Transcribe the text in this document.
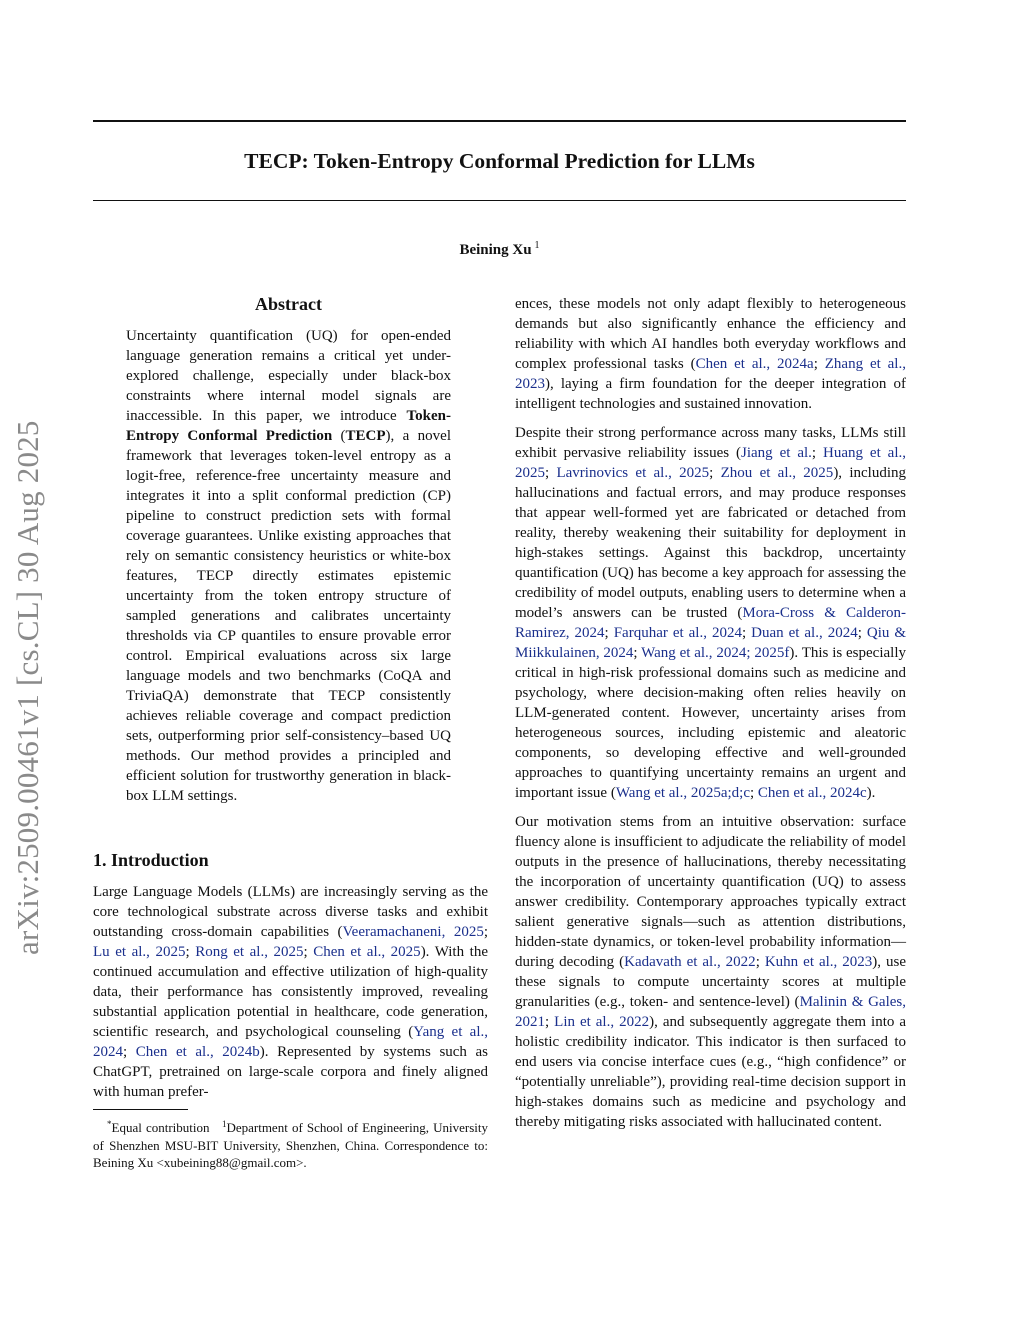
TECP: Token-Entropy Conformal Prediction for LLMs
Beining Xu $^1$
arXiv:2509.00461v1 [cs.CL] 30 Aug 2025
Abstract

Uncertainty quantification (UQ) for open-ended language generation remains a critical yet under-explored challenge, especially under black-box constraints where internal model signals are inaccessible. In this paper, we introduce Token-Entropy Conformal Prediction (TECP), a novel framework that leverages token-level entropy as a logit-free, reference-free uncertainty measure and integrates it into a split conformal prediction (CP) pipeline to construct prediction sets with formal coverage guarantees. Unlike existing approaches that rely on semantic consistency heuristics or white-box features, TECP directly estimates epistemic uncertainty from the token entropy structure of sampled generations and calibrates uncertainty thresholds via CP quantiles to ensure provable error control. Empirical evaluations across six large language models and two benchmarks (CoQA and TriviaQA) demonstrate that TECP consistently achieves reliable coverage and compact prediction sets, outperforming prior self-consistency–based UQ methods. Our method provides a principled and efficient solution for trustworthy generation in black-box LLM settings.

1. Introduction

Large Language Models (LLMs) are increasingly serving as the core technological substrate across diverse tasks and exhibit outstanding cross-domain capabilities (Veeramachaneni, 2025; Lu et al., 2025; Rong et al., 2025; Chen et al., 2025). With the continued accumulation and effective utilization of high-quality data, their performance has consistently improved, revealing substantial application potential in healthcare, code generation, scientific research, and psychological counseling (Yang et al., 2024; Chen et al., 2024b). Represented by systems such as ChatGPT, pretrained on large-scale corpora and finely aligned with human prefer-

*Equal contribution $^1$Department of School of Engineering, University of Shenzhen MSU-BIT University, Shenzhen, China. Correspondence to: Beining Xu <xubeining88@gmail.com>.

ences, these models not only adapt flexibly to heterogeneous demands but also significantly enhance the efficiency and reliability with which AI handles both everyday workflows and complex professional tasks (Chen et al., 2024a; Zhang et al., 2023), laying a firm foundation for the deeper integration of intelligent technologies and sustained innovation.

Despite their strong performance across many tasks, LLMs still exhibit pervasive reliability issues (Jiang et al.; Huang et al., 2025; Lavrinovics et al., 2025; Zhou et al., 2025), including hallucinations and factual errors, and may produce responses that appear well-formed yet are fabricated or detached from reality, thereby weakening their suitability for deployment in high-stakes settings. Against this backdrop, uncertainty quantification (UQ) has become a key approach for assessing the credibility of model outputs, enabling users to determine when a model’s answers can be trusted (Mora-Cross & Calderon-Ramirez, 2024; Farquhar et al., 2024; Duan et al., 2024; Qiu & Miikkulainen, 2024; Wang et al., 2024; 2025f). This is especially critical in high-risk professional domains such as medicine and psychology, where decision-making often relies heavily on LLM-generated content. However, uncertainty arises from heterogeneous sources, including epistemic and aleatoric components, so developing effective and well-grounded approaches to quantifying uncertainty remains an urgent and important issue (Wang et al., 2025a;d;c; Chen et al., 2024c).

Our motivation stems from an intuitive observation: surface fluency alone is insufficient to adjudicate the reliability of model outputs in the presence of hallucinations, thereby necessitating the incorporation of uncertainty quantification (UQ) to assess answer credibility. Contemporary approaches typically extract salient generative signals—such as attention distributions, hidden-state dynamics, or token-level probability information—during decoding (Kadavath et al., 2022; Kuhn et al., 2023), use these signals to compute uncertainty scores at multiple granularities (e.g., token- and sentence-level) (Malinin & Gales, 2021; Lin et al., 2022), and subsequently aggregate them into a holistic credibility indicator. This indicator is then surfaced to end users via concise interface cues (e.g., “high confidence” or “potentially unreliable”), providing real-time decision support in high-stakes domains such as medicine and psychology and thereby mitigating risks associated with hallucinated content.
